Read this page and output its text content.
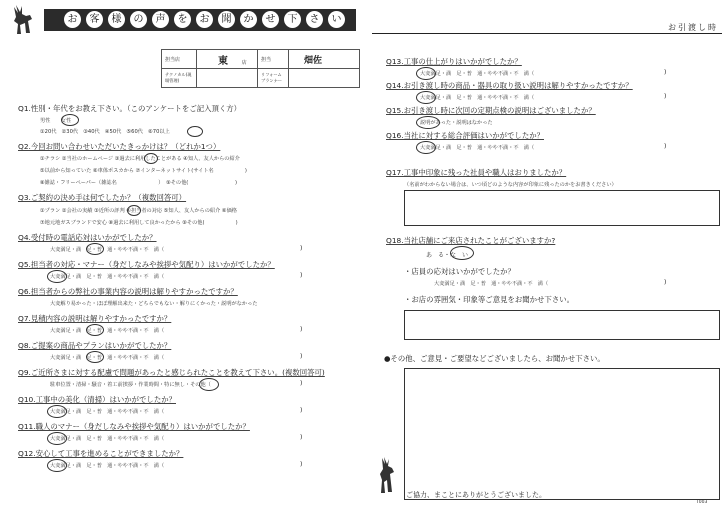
お	客	様	の	声	を	お	聞	か	せ	下	さ	い
担当店	東 店	担当	畑佐
テクノカル(現場管理)		リフォームプランナー	
Q1.性別・年代をお教え下さい。（このアンケートをご記入頂く方）
男性　　女性
①20代　②30代　③40代　④50代　⑤60代　⑥70以上
Q2.今回お問い合わせいただいたきっかけは？（どれか1つ）
①チラシ ②当社のホームページ ③過去に利用したことがある ④知人、友人からの紹介
⑤以前から知っていた ⑥車体ポスカから ⑦インターネットサイト(サイト名　　　　　　)
⑧雑誌・フリーペーパー（雑誌名　　　　　　　　）　⑨その他(　　　　　　　　　)
Q3.ご契約の決め手は何でしたか？（複数回答可）
①プラン ②会社の実績 ③近所の評判 ④担当者の対応 ⑤知人、友人からの紹介 ⑥価格
⑦地元地ガスブランドで安心 ⑧過去に利用して良かったから ⑨その他(　　　　　　)
Q4.受付時の電話応対はいかがでしたか？
大変満足・満　足・普　通・やや不満・不　満（	)
Q5.担当者の対応・マナー（身だしなみや挨拶や気配り）はいかがでしたか？
大変満足・満　足・普　通・やや不満・不　満（	)
Q6.担当者からの弊社の事業内容の説明は解りやすかったですか？
大変解り易かった・ほぼ理解出来た・どちらでもない・解りにくかった・説明がなかった
Q7.見積内容の説明は解りやすかったですか？
大変満足・満　足・普　通・やや不満・不　満（	)
Q8.ご提案の商品やプランはいかがでしたか？
大変満足・満　足・普　通・やや不満・不　満（	)
Q9.ご近所さまに対する配慮で問題があったと感じられたことを教えて下さい。(複数回答可)
駐車位置・清掃・騒音・着工前挨拶・作業時間・特に無し・その他（	)
Q10.工事中の美化（清掃）はいかがでしたか？
大変満足・満　足・普　通・やや不満・不　満（	)
Q11.職人のマナー（身だしなみや挨拶や気配り）はいかがでしたか？
大変満足・満　足・普　通・やや不満・不　満（	)
Q12.安心して工事を進めることができましたか？
大変満足・満　足・普　通・やや不満・不　満（	)
お引渡し時
Q13.工事の仕上がりはいかがでしたか？
大変満足・満　足・普　通・やや不満・不　満（	)
Q14.お引き渡し時の商品・器具の取り扱い説明は解りやすかったですか？
大変満足・満　足・普　通・やや不満・不　満（	)
Q15.お引き渡し時に次回の定期点検の説明はございましたか？
説明があった・説明はなかった
Q16.当社に対する総合評価はいかがでしたか？
大変満足・満　足・普　通・やや不満・不　満（	)
Q17.工事中印象に残った社員や職人はおりましたか？
（名前がわからない場合は、いつ頃どのような内容が印象に残ったのかをお書きください）
Q18.当社店舗にご来店されたことがございますか?
あ　る・な　い
・店員の応対はいかがでしたか？
大変満足・満　足・普　通・やや不満・不　満（	)
・お店の雰囲気・印象等ご意見をお聞かせ下さい。
●その他、ご意見・ご要望などございましたら、お聞かせ下さい。
ご協力、まことにありがとうございました。
T003
